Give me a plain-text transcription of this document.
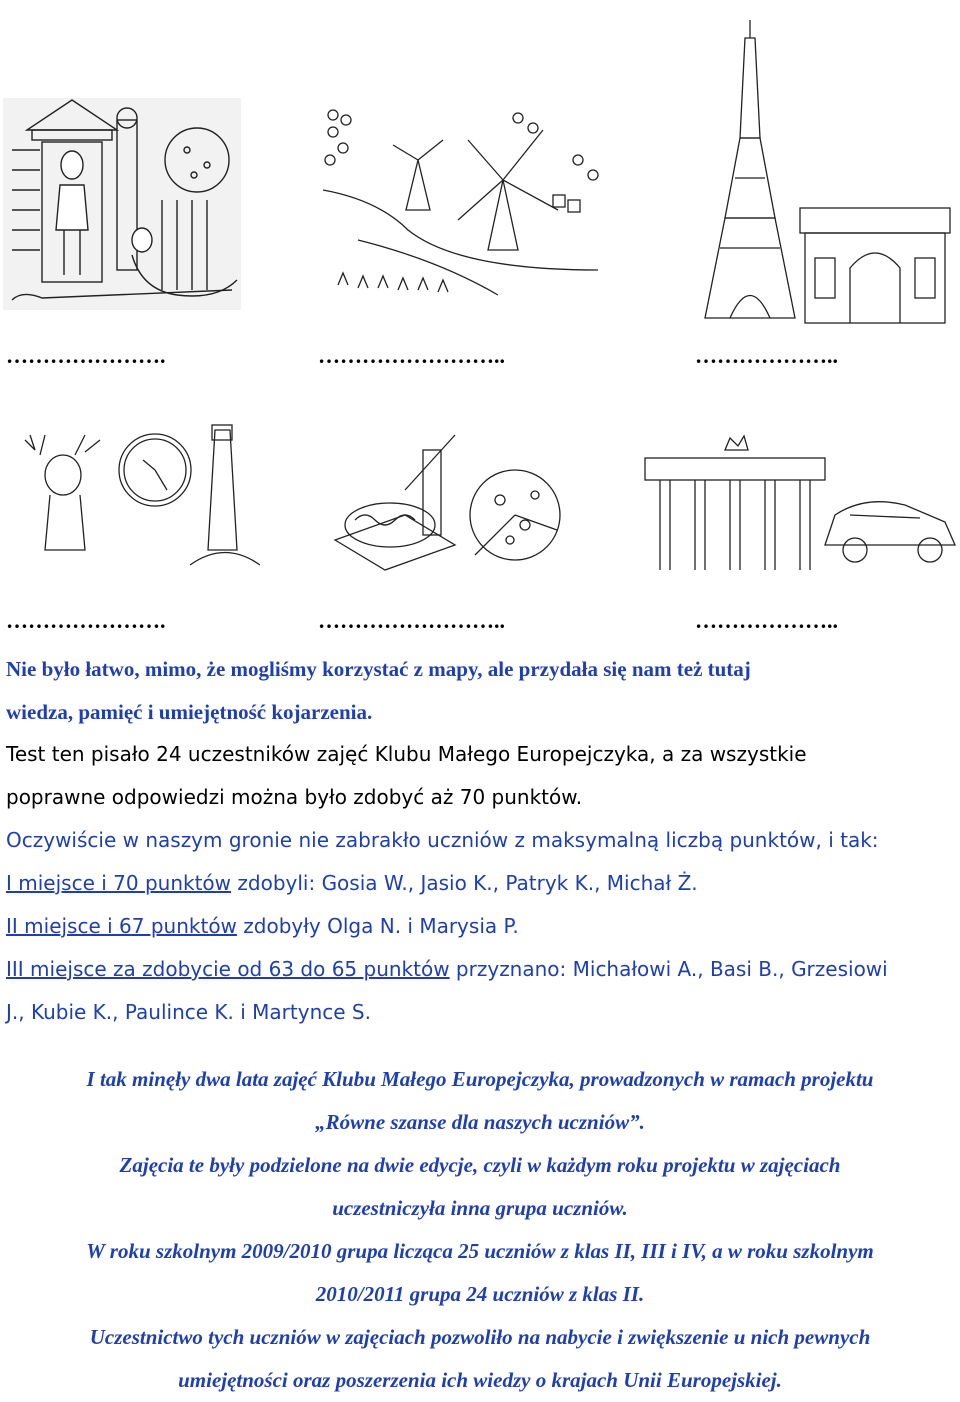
………………….	……………………..	………………..
………………….	……………………..	………………..
Nie było łatwo, mimo, że mogliśmy korzystać z mapy, ale przydała się nam też tutaj
wiedza, pamięć i umiejętność kojarzenia.
Test ten pisało 24 uczestników zajęć Klubu Małego Europejczyka, a za wszystkie
poprawne odpowiedzi można było zdobyć aż 70 punktów.
Oczywiście w naszym gronie nie zabrakło uczniów z maksymalną liczbą punktów, i tak:
I miejsce i 70 punktów zdobyli: Gosia W., Jasio K., Patryk K., Michał Ż.
II miejsce i 67 punktów zdobyły Olga N. i Marysia P.
III miejsce za zdobycie od 63 do 65 punktów przyznano: Michałowi A., Basi B., Grzesiowi
J., Kubie K., Paulince K. i Martynce S.
I tak minęły dwa lata zajęć Klubu Małego Europejczyka, prowadzonych w ramach projektu
„Równe szanse dla naszych uczniów”.
Zajęcia te były podzielone na dwie edycje, czyli w każdym roku projektu w zajęciach
uczestniczyła inna grupa uczniów.
W roku szkolnym 2009/2010 grupa licząca 25 uczniów z klas II, III i IV, a w roku szkolnym
2010/2011 grupa 24 uczniów z klas II.
Uczestnictwo tych uczniów w zajęciach pozwoliło na nabycie i zwiększenie u nich pewnych
umiejętności oraz poszerzenia ich wiedzy o krajach Unii Europejskiej.
